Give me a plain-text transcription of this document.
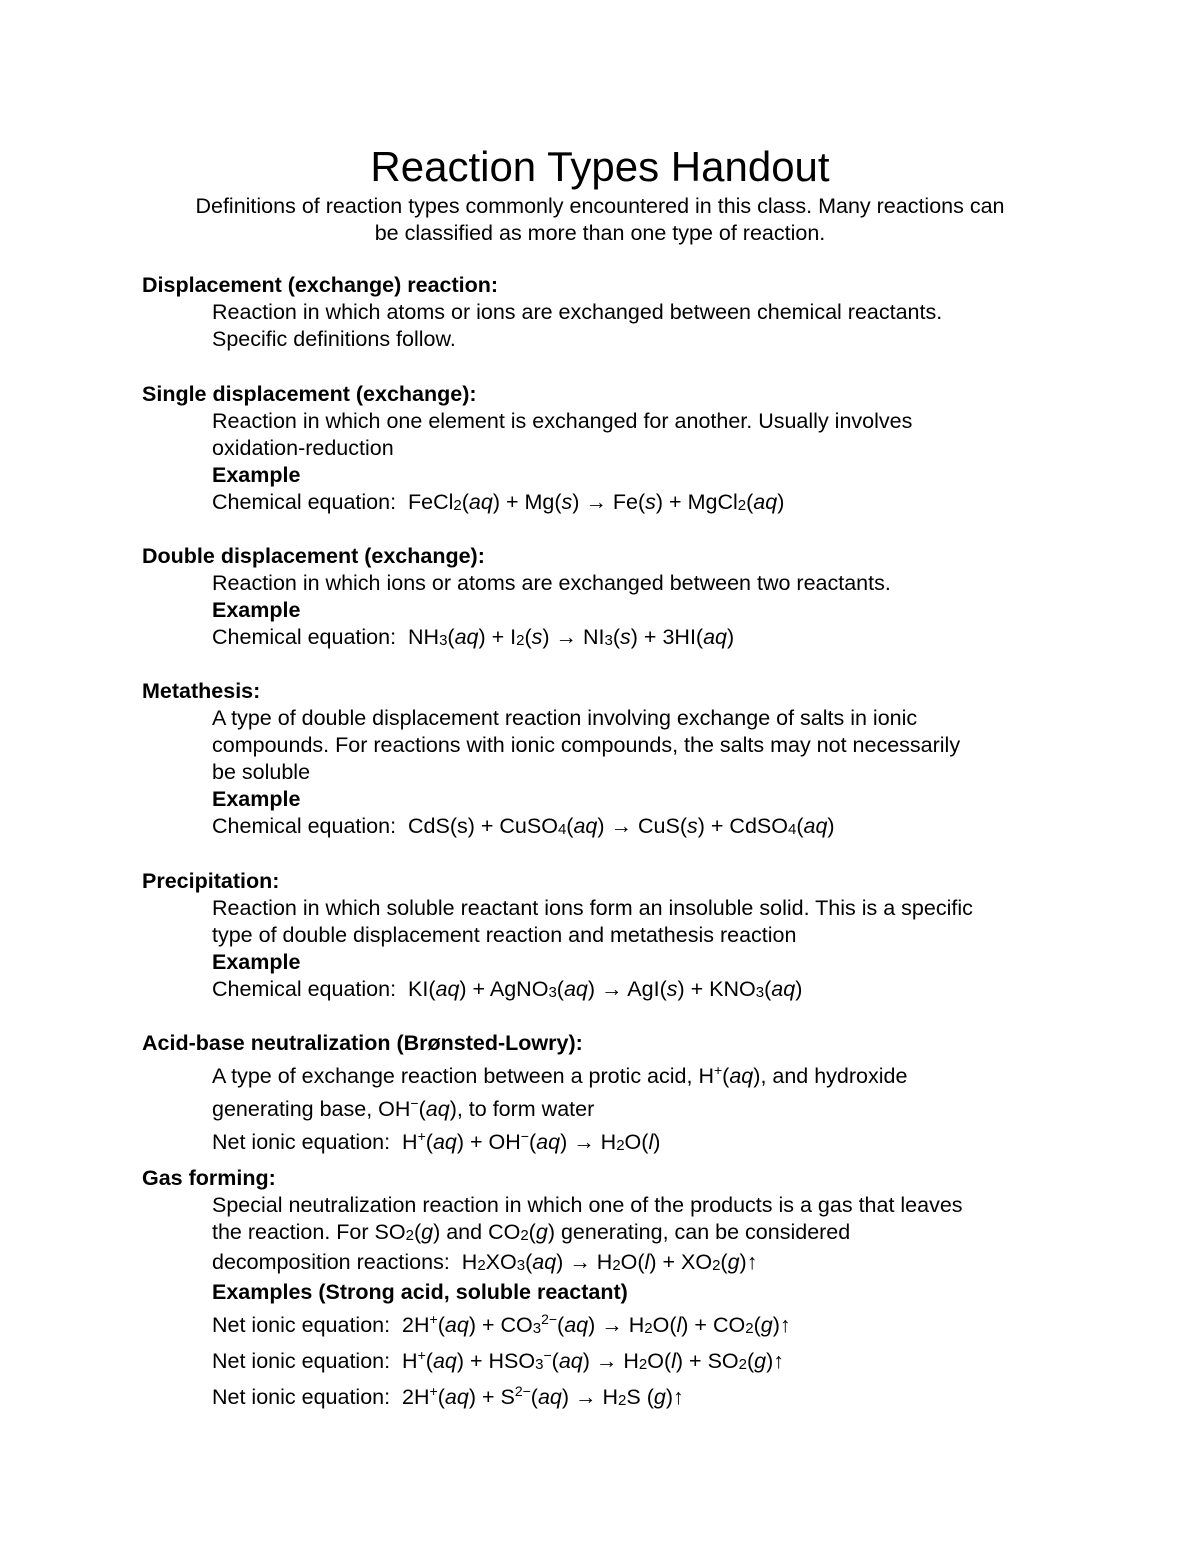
Reaction Types Handout
Definitions of reaction types commonly encountered in this class. Many reactions can
be classified as more than one type of reaction.

Displacement (exchange) reaction:

Reaction in which atoms or ions are exchanged between chemical reactants.
Specific definitions follow.

Single displacement (exchange):

Reaction in which one element is exchanged for another. Usually involves
oxidation-reduction
Example
Chemical equation:  FeCl2(aq) + Mg(s) → Fe(s) + MgCl2(aq)

Double displacement (exchange):

Reaction in which ions or atoms are exchanged between two reactants.
Example
Chemical equation:  NH3(aq) + I2(s) → NI3(s) + 3HI(aq)

Metathesis:

A type of double displacement reaction involving exchange of salts in ionic
compounds. For reactions with ionic compounds, the salts may not necessarily
be soluble
Example
Chemical equation:  CdS(s) + CuSO4(aq) → CuS(s) + CdSO4(aq)

Precipitation:

Reaction in which soluble reactant ions form an insoluble solid. This is a specific
type of double displacement reaction and metathesis reaction
Example
Chemical equation:  KI(aq) + AgNO3(aq) → AgI(s) + KNO3(aq)

Acid-base neutralization (Brønsted-Lowry):

A type of exchange reaction between a protic acid, H+(aq), and hydroxide
generating base, OH−(aq), to form water
Net ionic equation:  H+(aq) + OH−(aq) → H2O(l)

Gas forming:

Special neutralization reaction in which one of the products is a gas that leaves
the reaction. For SO2(g) and CO2(g) generating, can be considered
decomposition reactions:  H2XO3(aq) → H2O(l) + XO2(g)↑
Examples (Strong acid, soluble reactant)
Net ionic equation:  $2H^+(aq) + CO3^{2-}(aq) \to H2O(l)$ + CO2(g)↑
Net ionic equation:  H+(aq) + HSO3−(aq) → H2O(l) + SO2(g)↑
Net ionic equation:  $2H^+(aq) + S^{2-}(aq) \to H2S$ (g)↑
